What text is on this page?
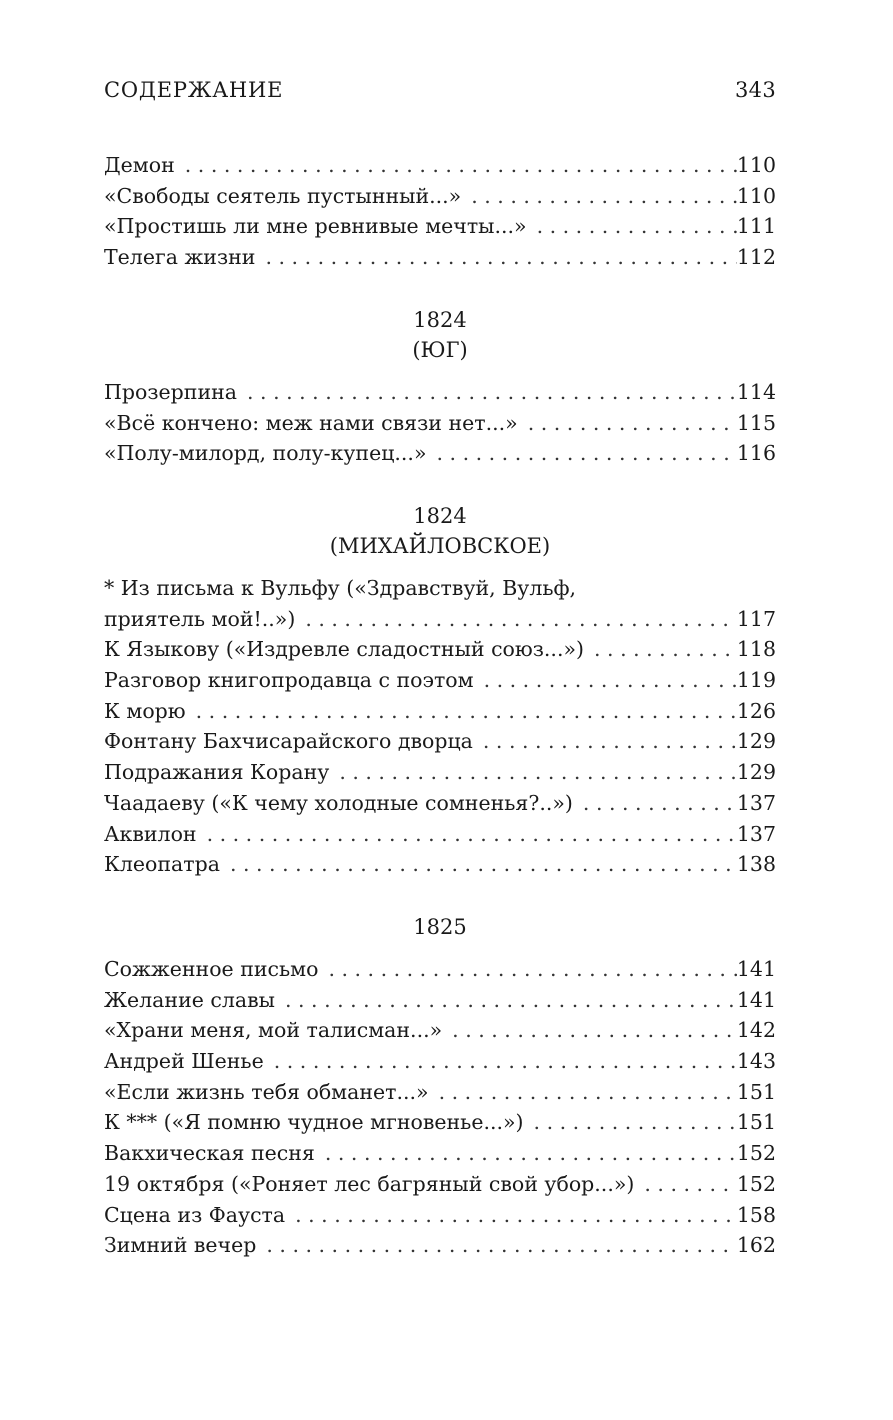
СОДЕРЖАНИЕ	343
Демон . . .	110
«Свободы сеятель пустынный...» . . .	110
«Простишь ли мне ревнивые мечты...» . . .	111
Телега жизни . . .	112
1824
(ЮГ)
Прозерпина . . .	114
«Всё кончено: меж нами связи нет...» . . .	115
«Полу-милорд, полу-купец...» . . .	116
1824
(МИХАЙЛОВСКОЕ)
* Из письма к Вульфу («Здравствуй, Вульф,
приятель мой!..») . . .	117
К Языкову («Издревле сладостный союз...») . . .	118
Разговор книгопродавца с поэтом . . .	119
К морю . . .	126
Фонтану Бахчисарайского дворца . . .	129
Подражания Корану . . .	129
Чаадаеву («К чему холодные сомненья?..») . . .	137
Аквилон . . .	137
Клеопатра . . .	138
1825
Сожженное письмо . . .	141
Желание славы . . .	141
«Храни меня, мой талисман...» . . .	142
Андрей Шенье . . .	143
«Если жизнь тебя обманет...» . . .	151
К *** («Я помню чудное мгновенье...») . . .	151
Вакхическая песня . . .	152
19 октября («Роняет лес багряный свой убор...») . . .	152
Сцена из Фауста . . .	158
Зимний вечер . . .	162
